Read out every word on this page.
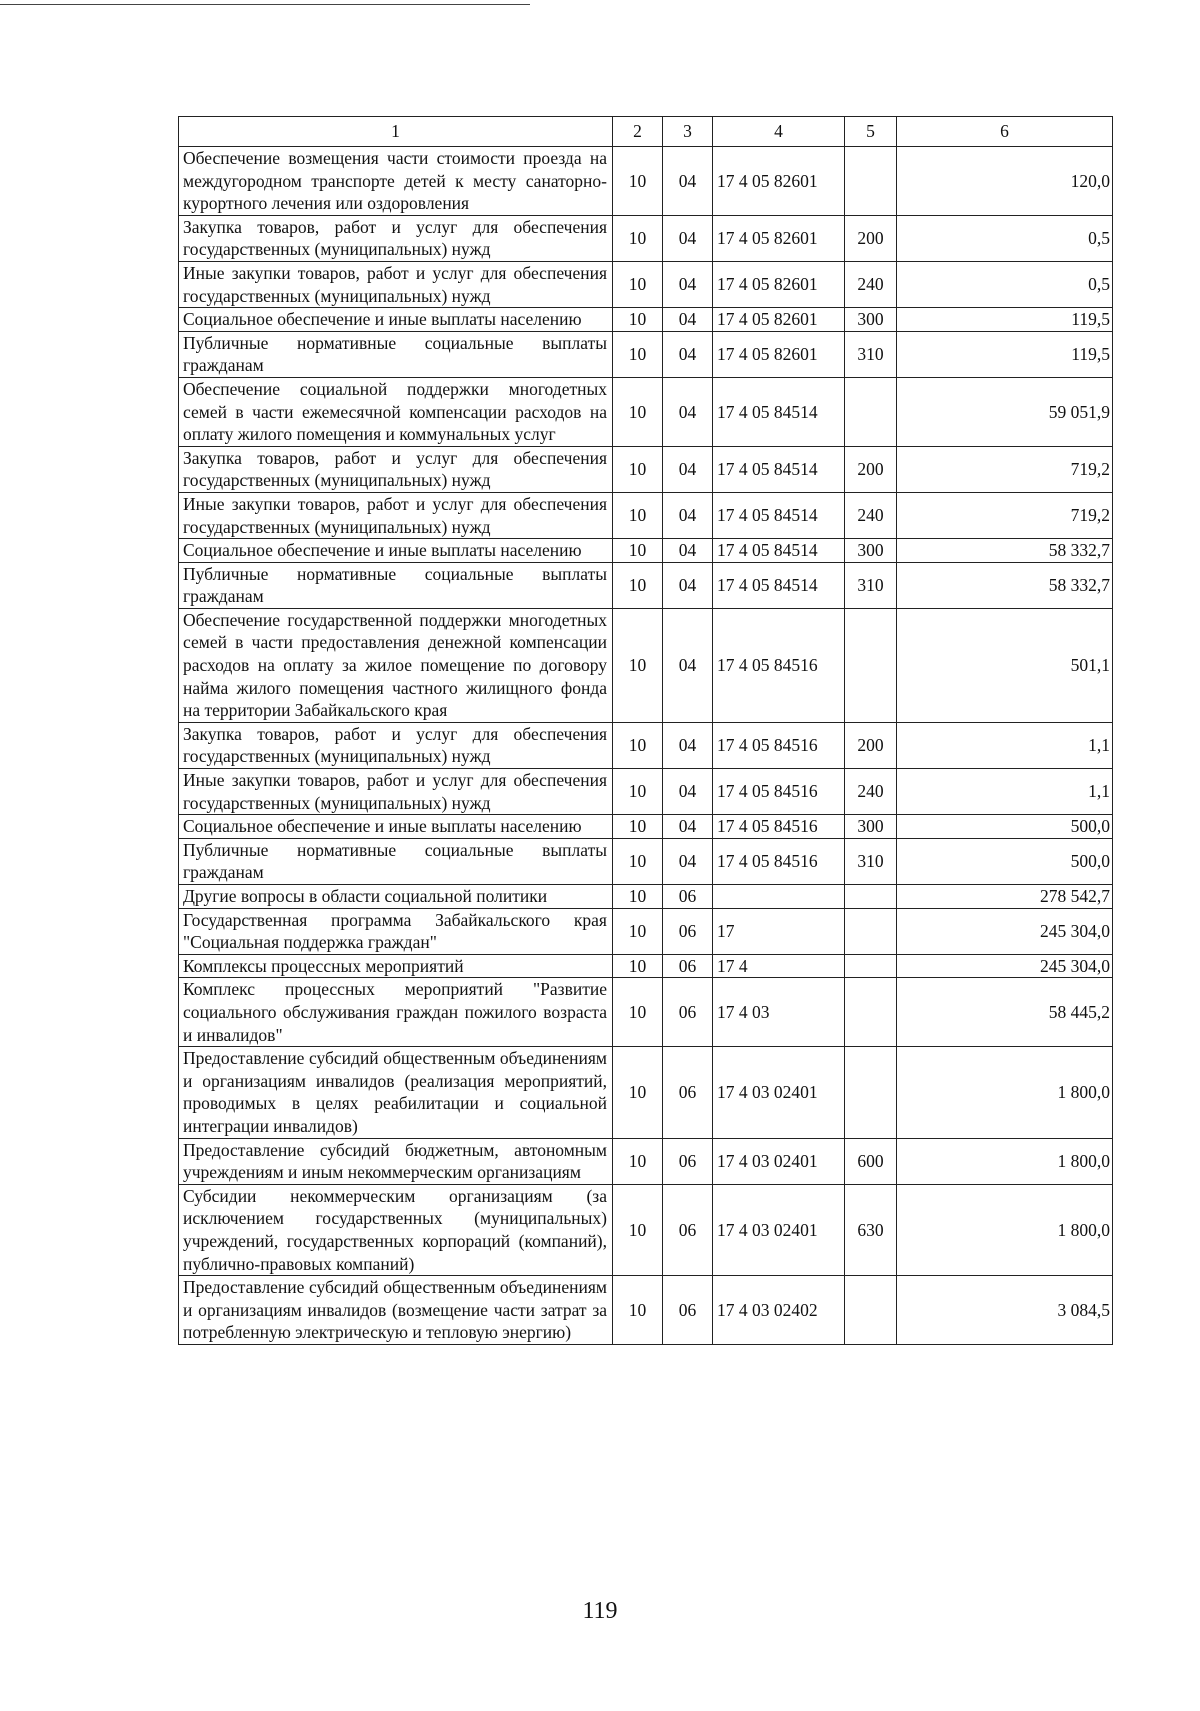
1	2	3	4	5	6
Обеспечение возмещения части стоимости проезда на междугородном транспорте детей к месту санаторно-курортного лечения или оздоровления	10	04	17 4 05 82601		120,0
Закупка товаров, работ и услуг для обеспечения государственных (муниципальных) нужд	10	04	17 4 05 82601	200	0,5
Иные закупки товаров, работ и услуг для обеспечения государственных (муниципальных) нужд	10	04	17 4 05 82601	240	0,5
Социальное обеспечение и иные выплаты населению	10	04	17 4 05 82601	300	119,5
Публичные нормативные социальные выплаты гражданам	10	04	17 4 05 82601	310	119,5
Обеспечение социальной поддержки многодетных семей в части ежемесячной компенсации расходов на оплату жилого помещения и коммунальных услуг	10	04	17 4 05 84514		59 051,9
Закупка товаров, работ и услуг для обеспечения государственных (муниципальных) нужд	10	04	17 4 05 84514	200	719,2
Иные закупки товаров, работ и услуг для обеспечения государственных (муниципальных) нужд	10	04	17 4 05 84514	240	719,2
Социальное обеспечение и иные выплаты населению	10	04	17 4 05 84514	300	58 332,7
Публичные нормативные социальные выплаты гражданам	10	04	17 4 05 84514	310	58 332,7
Обеспечение государственной поддержки многодетных семей в части предоставления денежной компенсации расходов на оплату за жилое помещение по договору найма жилого помещения частного жилищного фонда на территории Забайкальского края	10	04	17 4 05 84516		501,1
Закупка товаров, работ и услуг для обеспечения государственных (муниципальных) нужд	10	04	17 4 05 84516	200	1,1
Иные закупки товаров, работ и услуг для обеспечения государственных (муниципальных) нужд	10	04	17 4 05 84516	240	1,1
Социальное обеспечение и иные выплаты населению	10	04	17 4 05 84516	300	500,0
Публичные нормативные социальные выплаты гражданам	10	04	17 4 05 84516	310	500,0
Другие вопросы в области социальной политики	10	06			278 542,7
Государственная программа Забайкальского края "Социальная поддержка граждан"	10	06	17		245 304,0
Комплексы процессных мероприятий	10	06	17 4		245 304,0
Комплекс процессных мероприятий "Развитие социального обслуживания граждан пожилого возраста и инвалидов"	10	06	17 4 03		58 445,2
Предоставление субсидий общественным объединениям и организациям инвалидов (реализация мероприятий, проводимых в целях реабилитации и социальной интеграции инвалидов)	10	06	17 4 03 02401		1 800,0
Предоставление субсидий бюджетным, автономным учреждениям и иным некоммерческим организациям	10	06	17 4 03 02401	600	1 800,0
Субсидии некоммерческим организациям (за исключением государственных (муниципальных) учреждений, государственных корпораций (компаний), публично-правовых компаний)	10	06	17 4 03 02401	630	1 800,0
Предоставление субсидий общественным объединениям и организациям инвалидов (возмещение части затрат за потребленную электрическую и тепловую энергию)	10	06	17 4 03 02402		3 084,5
119
